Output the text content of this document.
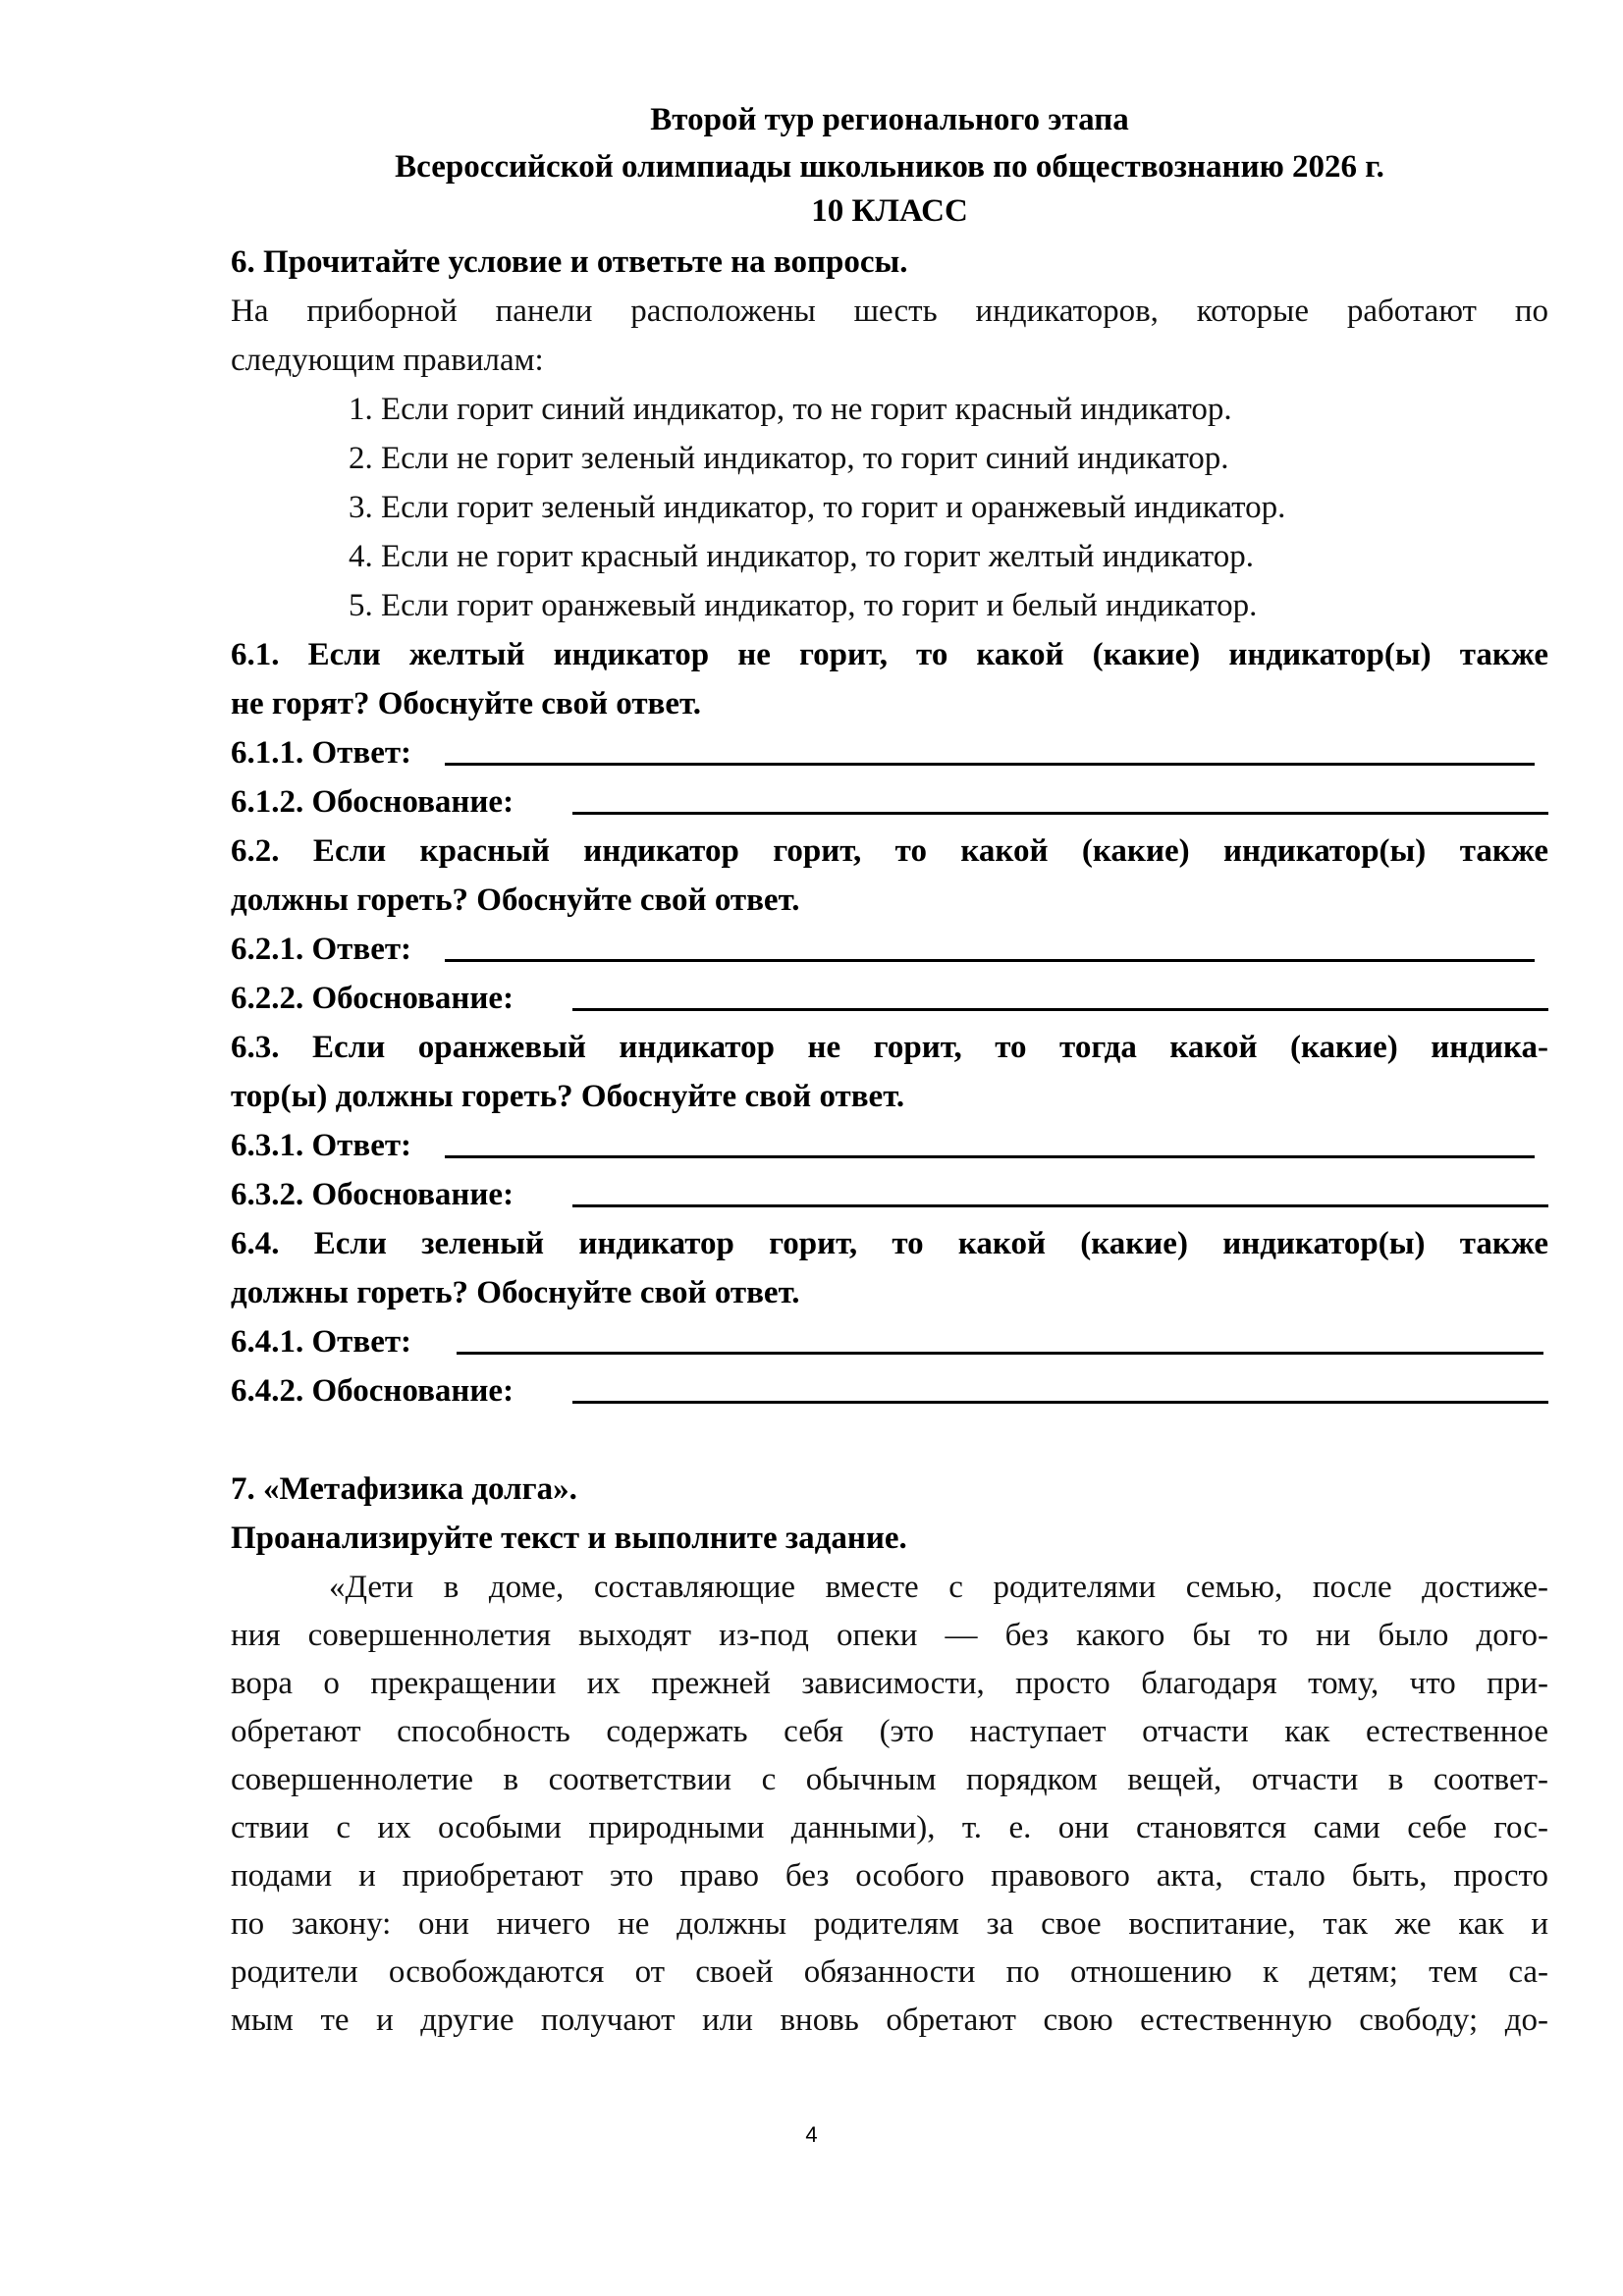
Второй тур регионального этапа
Всероссийской олимпиады школьников по обществознанию 2026 г.
10 КЛАСС
6. Прочитайте условие и ответьте на вопросы.
На приборной панели расположены шесть индикаторов, которые работают по
следующим правилам:
1. Если горит синий индикатор, то не горит красный индикатор.
2. Если не горит зеленый индикатор, то горит синий индикатор.
3. Если горит зеленый индикатор, то горит и оранжевый индикатор.
4. Если не горит красный индикатор, то горит желтый индикатор.
5. Если горит оранжевый индикатор, то горит и белый индикатор.
6.1. Если желтый индикатор не горит, то какой (какие) индикатор(ы) также
не горят? Обоснуйте свой ответ.
6.1.1. Ответ:
6.1.2. Обоснование:
6.2. Если красный индикатор горит, то какой (какие) индикатор(ы) также
должны гореть? Обоснуйте свой ответ.
6.2.1. Ответ:
6.2.2. Обоснование:
6.3. Если оранжевый индикатор не горит, то тогда какой (какие) индика-
тор(ы) должны гореть? Обоснуйте свой ответ.
6.3.1. Ответ:
6.3.2. Обоснование:
6.4. Если зеленый индикатор горит, то какой (какие) индикатор(ы) также
должны гореть? Обоснуйте свой ответ.
6.4.1. Ответ:
6.4.2. Обоснование:
7. «Метафизика долга».
Проанализируйте текст и выполните задание.
«Дети в доме, составляющие вместе с родителями семью, после достиже-
ния совершеннолетия выходят из-под опеки — без какого бы то ни было дого-
вора о прекращении их прежней зависимости, просто благодаря тому, что при-
обретают способность содержать себя (это наступает отчасти как естественное
совершеннолетие в соответствии с обычным порядком вещей, отчасти в соответ-
ствии с их особыми природными данными), т. е. они становятся сами себе гос-
подами и приобретают это право без особого правового акта, стало быть, просто
по закону: они ничего не должны родителям за свое воспитание, так же как и
родители освобождаются от своей обязанности по отношению к детям; тем са-
мым те и другие получают или вновь обретают свою естественную свободу; до-
4
